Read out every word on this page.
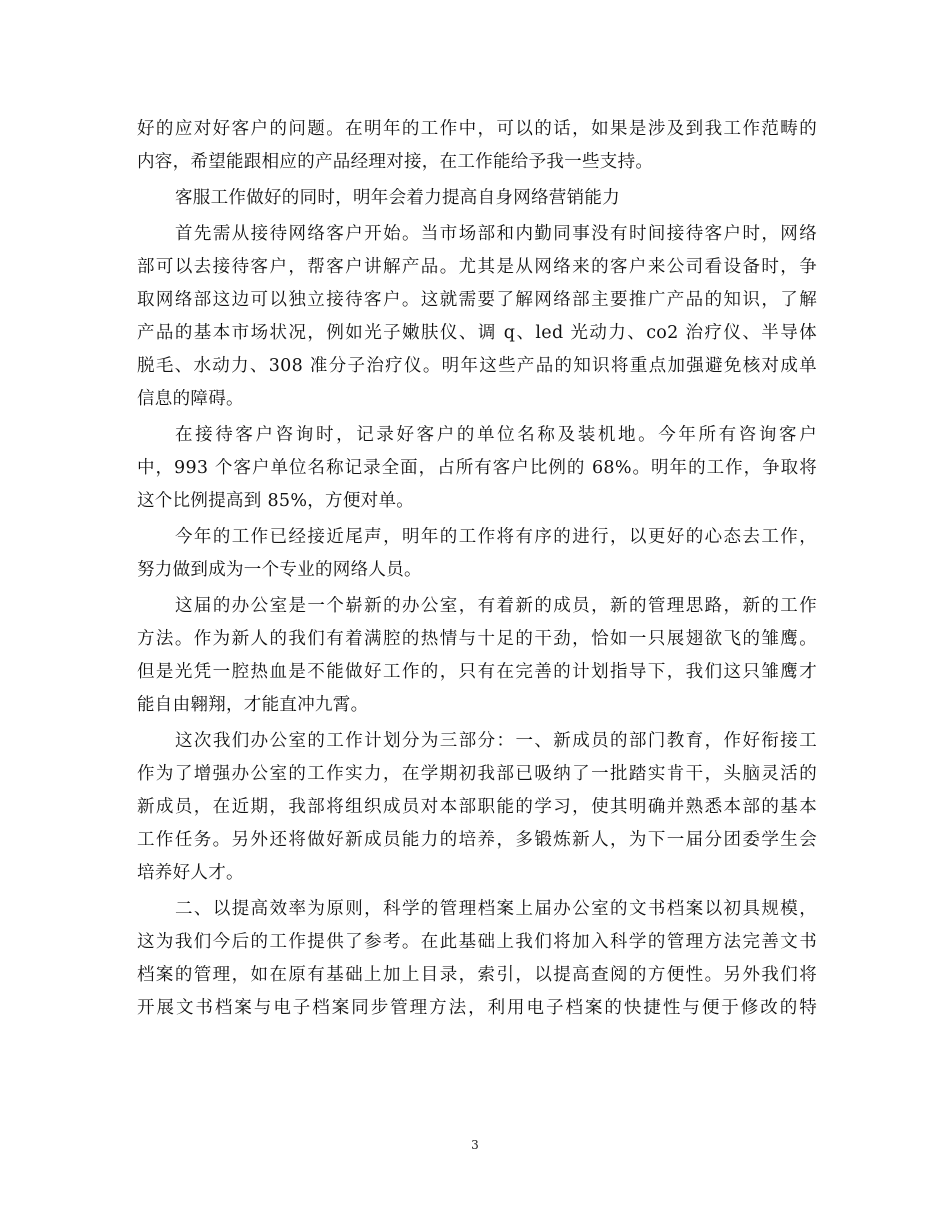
好的应对好客户的问题。在明年的工作中，可以的话，如果是涉及到我工作范畴的
内容，希望能跟相应的产品经理对接，在工作能给予我一些支持。
客服工作做好的同时，明年会着力提高自身网络营销能力
首先需从接待网络客户开始。当市场部和内勤同事没有时间接待客户时，网络
部可以去接待客户，帮客户讲解产品。尤其是从网络来的客户来公司看设备时，争
取网络部这边可以独立接待客户。这就需要了解网络部主要推广产品的知识，了解
产品的基本市场状况，例如光子嫩肤仪、调 q、led 光动力、co2 治疗仪、半导体
脱毛、水动力、308 准分子治疗仪。明年这些产品的知识将重点加强避免核对成单
信息的障碍。
在接待客户咨询时，记录好客户的单位名称及装机地。今年所有咨询客户
中，993 个客户单位名称记录全面，占所有客户比例的 68%。明年的工作，争取将
这个比例提高到 85%，方便对单。
今年的工作已经接近尾声，明年的工作将有序的进行，以更好的心态去工作，
努力做到成为一个专业的网络人员。
这届的办公室是一个崭新的办公室，有着新的成员，新的管理思路，新的工作
方法。作为新人的我们有着满腔的热情与十足的干劲，恰如一只展翅欲飞的雏鹰。
但是光凭一腔热血是不能做好工作的，只有在完善的计划指导下，我们这只雏鹰才
能自由翱翔，才能直冲九霄。
这次我们办公室的工作计划分为三部分：一、新成员的部门教育，作好衔接工
作为了增强办公室的工作实力，在学期初我部已吸纳了一批踏实肯干，头脑灵活的
新成员，在近期，我部将组织成员对本部职能的学习，使其明确并熟悉本部的基本
工作任务。另外还将做好新成员能力的培养，多锻炼新人，为下一届分团委学生会
培养好人才。
二、以提高效率为原则，科学的管理档案上届办公室的文书档案以初具规模，
这为我们今后的工作提供了参考。在此基础上我们将加入科学的管理方法完善文书
档案的管理，如在原有基础上加上目录，索引，以提高查阅的方便性。另外我们将
开展文书档案与电子档案同步管理方法，利用电子档案的快捷性与便于修改的特
3
